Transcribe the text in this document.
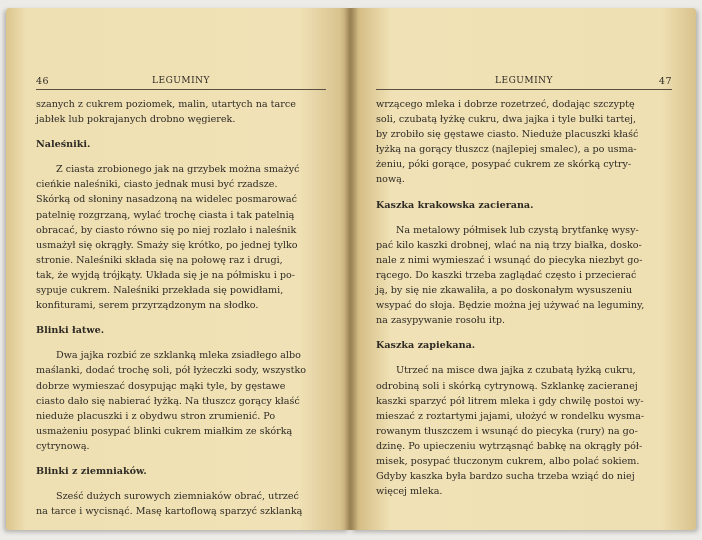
46	LEGUMINY
szanych z cukrem poziomek, malin, utartych na tarce
jabłek lub pokrajanych drobno węgierek.
Naleśniki.
Z ciasta zrobionego jak na grzybek można smażyć
cieńkie naleśniki, ciasto jednak musi być rzadsze.
Skórką od słoniny nasadzoną na widelec posmarować
patelnię rozgrzaną, wylać trochę ciasta i tak patelnią
obracać, by ciasto równo się po niej rozlało i naleśnik
usmażył się okrągły. Smaży się krótko, po jednej tylko
stronie. Naleśniki składa się na połowę raz i drugi,
tak, że wyjdą trójkąty. Układa się je na półmisku i po-
sypuje cukrem. Naleśniki przekłada się powidłami,
konfiturami, serem przyrządzonym na słodko.
Blinki łatwe.
Dwa jajka rozbić ze szklanką mleka zsiadłego albo
maślanki, dodać trochę soli, pół łyżeczki sody, wszystko
dobrze wymieszać dosypując mąki tyle, by gęstawe
ciasto dało się nabierać łyżką. Na tłuszcz gorący kłaść
nieduże placuszki i z obydwu stron zrumienić. Po
usmażeniu posypać blinki cukrem miałkim ze skórką
cytrynową.
Blinki z ziemniaków.
Sześć dużych surowych ziemniaków obrać, utrzeć
na tarce i wycisnąć. Masę kartoflową sparzyć szklanką
LEGUMINY	47
wrzącego mleka i dobrze rozetrzeć, dodając szczyptę
soli, czubatą łyżkę cukru, dwa jajka i tyle bułki tartej,
by zrobiło się gęstawe ciasto. Nieduże placuszki kłaść
łyżką na gorący tłuszcz (najlepiej smalec), a po usma-
żeniu, póki gorące, posypać cukrem ze skórką cytry-
nową.
Kaszka krakowska zacierana.
Na metalowy półmisek lub czystą brytfankę wysy-
pać kilo kaszki drobnej, wlać na nią trzy białka, dosko-
nale z nimi wymieszać i wsunąć do piecyka niezbyt go-
rącego. Do kaszki trzeba zaglądać często i przecierać
ją, by się nie zkawaliła, a po doskonałym wysuszeniu
wsypać do słoja. Będzie można jej używać na leguminy,
na zasypywanie rosołu itp.
Kaszka zapiekana.
Utrzeć na misce dwa jajka z czubatą łyżką cukru,
odrobiną soli i skórką cytrynową. Szklankę zacieranej
kaszki sparzyć pół litrem mleka i gdy chwilę postoi wy-
mieszać z roztartymi jajami, ułożyć w rondelku wysma-
rowanym tłuszczem i wsunąć do piecyka (rury) na go-
dzinę. Po upieczeniu wytrząsnąć babkę na okrągły pół-
misek, posypać tłuczonym cukrem, albo polać sokiem.
Gdyby kaszka była bardzo sucha trzeba wziąć do niej
więcej mleka.
